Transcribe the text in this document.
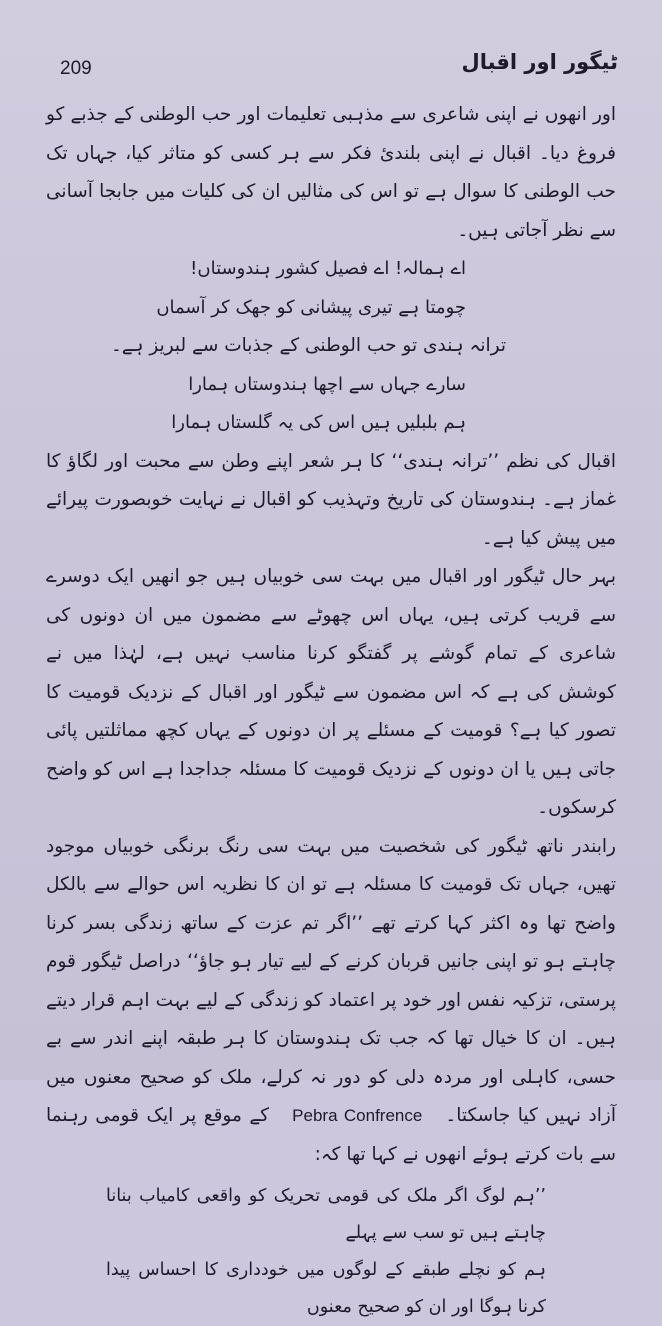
209	ٹیگور اور اقبال

اور انھوں نے اپنی شاعری سے مذہبی تعلیمات اور حب الوطنی کے جذبے کو فروغ دیا۔ اقبال نے اپنی بلندیٔ فکر سے ہر کسی کو متاثر کیا، جہاں تک حب الوطنی کا سوال ہے تو اس کی مثالیں ان کی کلیات میں جابجا آسانی سے نظر آجاتی ہیں۔

اے ہمالہ! اے فصیل کشور ہندوستاں!
چومتا ہے تیری پیشانی کو جھک کر آسماں

ترانہ ہندی تو حب الوطنی کے جذبات سے لبریز ہے۔

سارے جہاں سے اچھا ہندوستاں ہمارا
ہم بلبلیں ہیں اس کی یہ گلستاں ہمارا

اقبال کی نظم ’’ترانہ ہندی‘‘ کا ہر شعر اپنے وطن سے محبت اور لگاؤ کا غماز ہے۔ ہندوستان کی تاریخ وتہذیب کو اقبال نے نہایت خوبصورت پیرائے میں پیش کیا ہے۔

بہر حال ٹیگور اور اقبال میں بہت سی خوبیاں ہیں جو انھیں ایک دوسرے سے قریب کرتی ہیں، یہاں اس چھوٹے سے مضمون میں ان دونوں کی شاعری کے تمام گوشے پر گفتگو کرنا مناسب نہیں ہے، لہٰذا میں نے کوشش کی ہے کہ اس مضمون سے ٹیگور اور اقبال کے نزدیک قومیت کا تصور کیا ہے؟ قومیت کے مسئلے پر ان دونوں کے یہاں کچھ مماثلتیں پائی جاتی ہیں یا ان دونوں کے نزدیک قومیت کا مسئلہ جداجدا ہے اس کو واضح کرسکوں۔

رابندر ناتھ ٹیگور کی شخصیت میں بہت سی رنگ برنگی خوبیاں موجود تھیں، جہاں تک قومیت کا مسئلہ ہے تو ان کا نظریہ اس حوالے سے بالکل واضح تھا وہ اکثر کہا کرتے تھے ’’اگر تم عزت کے ساتھ زندگی بسر کرنا چاہتے ہو تو اپنی جانیں قربان کرنے کے لیے تیار ہو جاؤ‘‘ دراصل ٹیگور قوم پرستی، تزکیہ نفس اور خود پر اعتماد کو زندگی کے لیے بہت اہم قرار دیتے ہیں۔ ان کا خیال تھا کہ جب تک ہندوستان کا ہر طبقہ اپنے اندر سے بے حسی، کاہلی اور مردہ دلی کو دور نہ کرلے، ملک کو صحیح معنوں میں آزاد نہیں کیا جاسکتا۔  Pebra Confrence  کے موقع پر ایک قومی رہنما سے بات کرتے ہوئے انھوں نے کہا تھا کہ:

’’ہم لوگ اگر ملک کی قومی تحریک کو واقعی کامیاب بنانا چاہتے ہیں تو سب سے پہلے
ہم کو نچلے طبقے کے لوگوں میں خودداری کا احساس پیدا کرنا ہوگا اور ان کو صحیح معنوں
